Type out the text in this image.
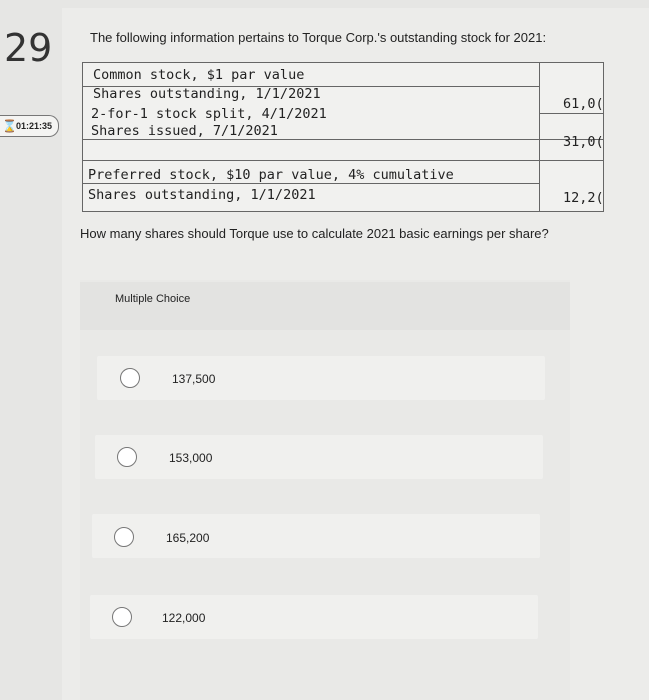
29
⌛ 01:21:35
The following information pertains to Torque Corp.'s outstanding stock for 2021:
Common stock, $1 par value
Shares outstanding, 1/1/2021
61,0(
2-for-1 stock split, 4/1/2021
Shares issued, 7/1/2021
31,0(
Preferred stock, $10 par value, 4% cumulative
Shares outstanding, 1/1/2021	12,2(
How many shares should Torque use to calculate 2021 basic earnings per share?
Multiple Choice
137,500
153,000
165,200
122,000
